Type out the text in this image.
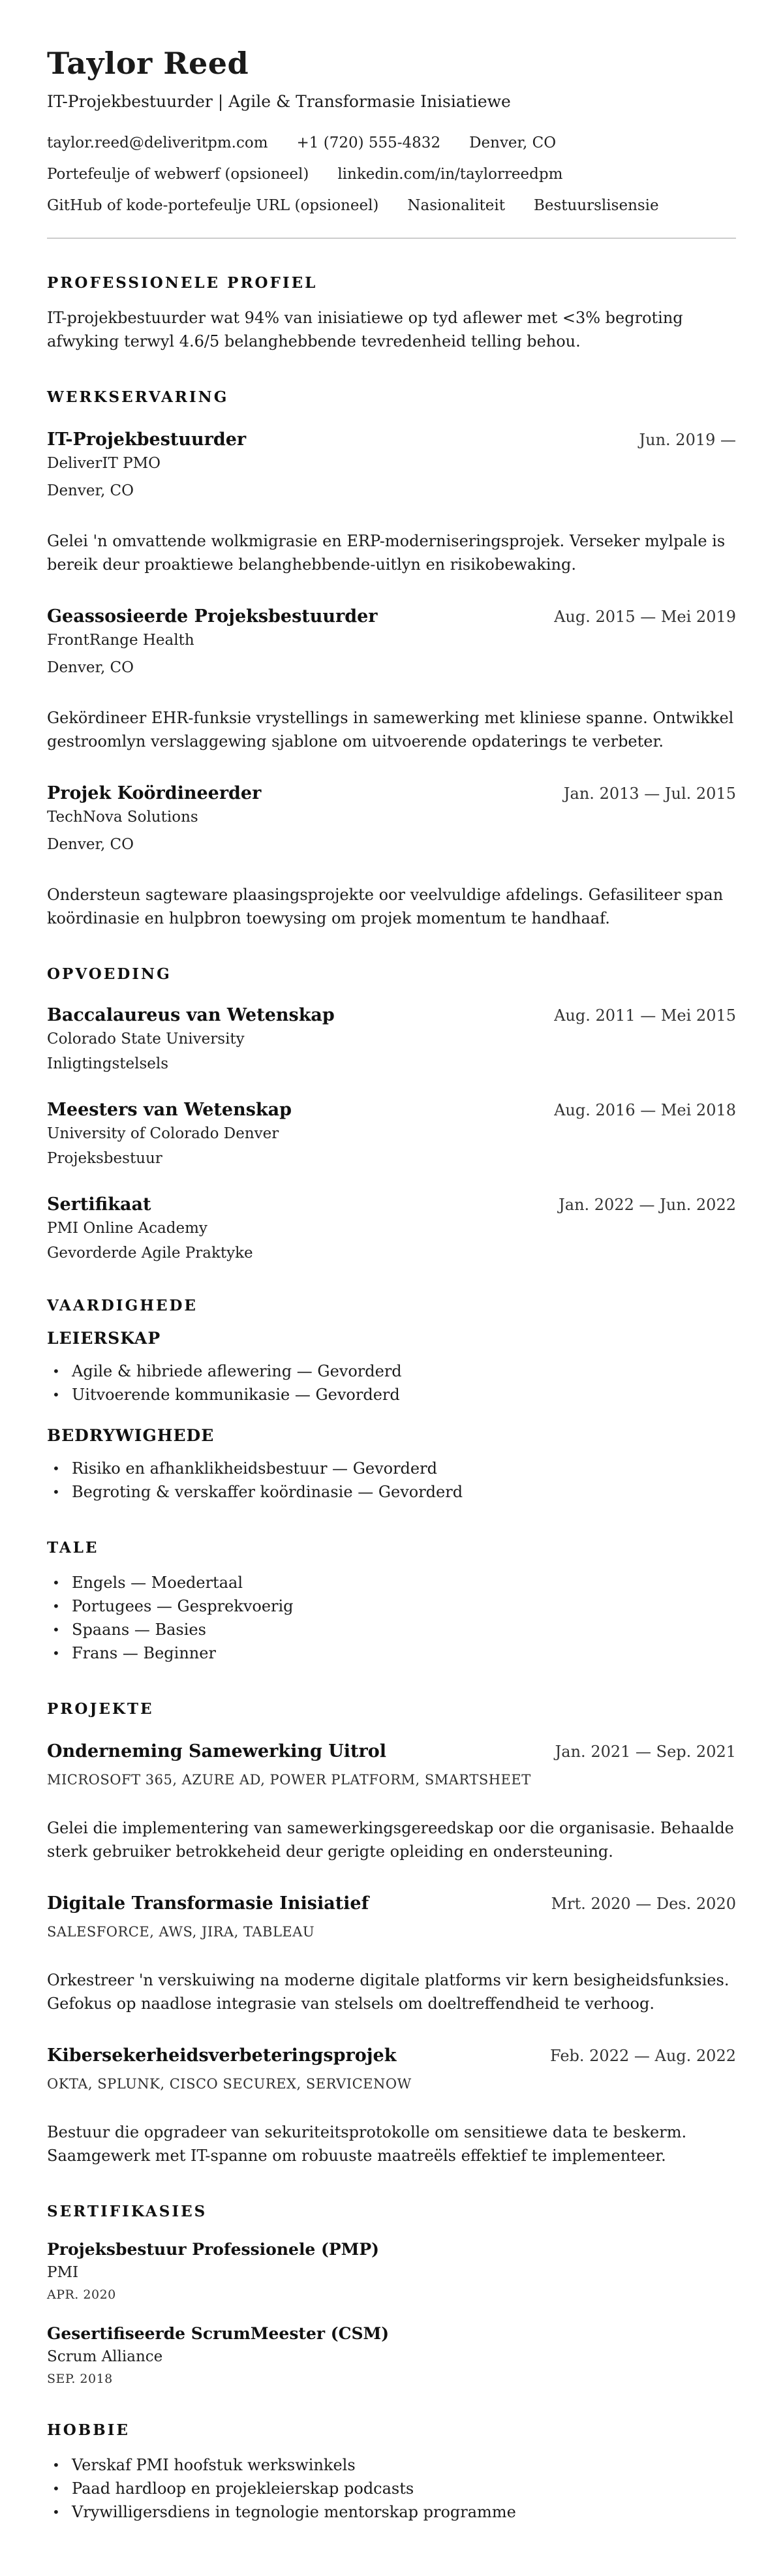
Taylor Reed
IT-Projekbestuurder | Agile & Transformasie Inisiatiewe
taylor.reed@deliveritpm.com +1 (720) 555-4832 Denver, CO
Portefeulje of webwerf (opsioneel) linkedin.com/in/taylorreedpm
GitHub of kode-portefeulje URL (opsioneel) Nasionaliteit Bestuurslisensie
PROFESSIONELE PROFIEL

IT-projekbestuurder wat 94% van inisiatiewe op tyd aflewer met <3% begroting afwyking terwyl 4.6/5 belanghebbende tevredenheid telling behou.

WERKSERVARING
IT-Projekbestuurder	Jun. 2019 —
DeliverIT PMO
Denver, CO

Gelei 'n omvattende wolkmigrasie en ERP-moderniseringsprojek. Verseker mylpale is bereik deur proaktiewe belanghebbende-uitlyn en risikobewaking.

Geassosieerde Projeksbestuurder	Aug. 2015 — Mei 2019
FrontRange Health
Denver, CO

Gekördineer EHR-funksie vrystellings in samewerking met kliniese spanne. Ontwikkel gestroomlyn verslaggewing sjablone om uitvoerende opdaterings te verbeter.

Projek Koördineerder	Jan. 2013 — Jul. 2015
TechNova Solutions
Denver, CO

Ondersteun sagteware plaasingsprojekte oor veelvuldige afdelings. Gefasiliteer span koördinasie en hulpbron toewysing om projek momentum te handhaaf.

OPVOEDING
Baccalaureus van Wetenskap	Aug. 2011 — Mei 2015
Colorado State University
Inligtingstelsels
Meesters van Wetenskap	Aug. 2016 — Mei 2018
University of Colorado Denver
Projeksbestuur
Sertifikaat	Jan. 2022 — Jun. 2022
PMI Online Academy
Gevorderde Agile Praktyke
VAARDIGHEDE
LEIERSKAP
• Agile & hibriede aflewering — Gevorderd
• Uitvoerende kommunikasie — Gevorderd
BEDRYWIGHEDE
• Risiko en afhanklikheidsbestuur — Gevorderd
• Begroting & verskaffer koördinasie — Gevorderd
TALE
• Engels — Moedertaal
• Portugees — Gesprekvoerig
• Spaans — Basies
• Frans — Beginner
PROJEKTE
Onderneming Samewerking Uitrol	Jan. 2021 — Sep. 2021
MICROSOFT 365, AZURE AD, POWER PLATFORM, SMARTSHEET

Gelei die implementering van samewerkingsgereedskap oor die organisasie. Behaalde sterk gebruiker betrokkeheid deur gerigte opleiding en ondersteuning.

Digitale Transformasie Inisiatief	Mrt. 2020 — Des. 2020
SALESFORCE, AWS, JIRA, TABLEAU

Orkestreer 'n verskuiwing na moderne digitale platforms vir kern besigheidsfunksies. Gefokus op naadlose integrasie van stelsels om doeltreffendheid te verhoog.

Kibersekerheidsverbeteringsprojek	Feb. 2022 — Aug. 2022
OKTA, SPLUNK, CISCO SECUREX, SERVICENOW

Bestuur die opgradeer van sekuriteitsprotokolle om sensitiewe data te beskerm. Saamgewerk met IT-spanne om robuuste maatreëls effektief te implementeer.

SERTIFIKASIES
Projeksbestuur Professionele (PMP)
PMI
APR. 2020
Gesertifiseerde ScrumMeester (CSM)
Scrum Alliance
SEP. 2018
HOBBIE
• Verskaf PMI hoofstuk werkswinkels
• Paad hardloop en projekleierskap podcasts
• Vrywilligersdiens in tegnologie mentorskap programme
